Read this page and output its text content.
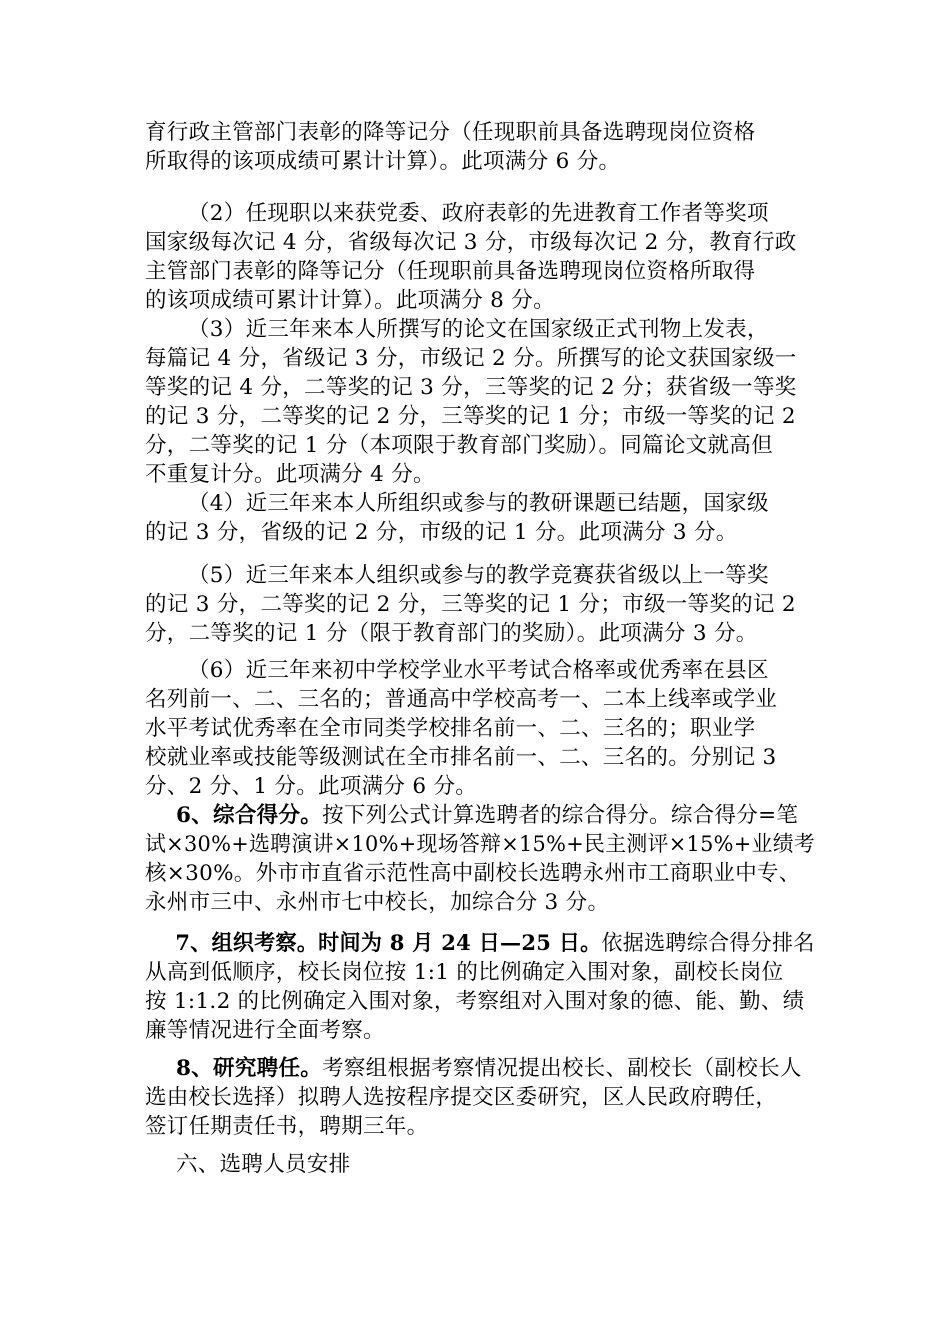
育行政主管部门表彰的降等记分（任现职前具备选聘现岗位资格
所取得的该项成绩可累计计算）。此项满分 6 分。
（2）任现职以来获党委、政府表彰的先进教育工作者等奖项
国家级每次记 4 分，省级每次记 3 分，市级每次记 2 分，教育行政
主管部门表彰的降等记分（任现职前具备选聘现岗位资格所取得
的该项成绩可累计计算）。此项满分 8 分。
（3）近三年来本人所撰写的论文在国家级正式刊物上发表，
每篇记 4 分，省级记 3 分，市级记 2 分。所撰写的论文获国家级一
等奖的记 4 分，二等奖的记 3 分，三等奖的记 2 分；获省级一等奖
的记 3 分，二等奖的记 2 分，三等奖的记 1 分；市级一等奖的记 2
分，二等奖的记 1 分（本项限于教育部门奖励）。同篇论文就高但
不重复计分。此项满分 4 分。
（4）近三年来本人所组织或参与的教研课题已结题，国家级
的记 3 分，省级的记 2 分，市级的记 1 分。此项满分 3 分。
（5）近三年来本人组织或参与的教学竞赛获省级以上一等奖
的记 3 分，二等奖的记 2 分，三等奖的记 1 分；市级一等奖的记 2
分，二等奖的记 1 分（限于教育部门的奖励）。此项满分 3 分。
（6）近三年来初中学校学业水平考试合格率或优秀率在县区
名列前一、二、三名的；普通高中学校高考一、二本上线率或学业
水平考试优秀率在全市同类学校排名前一、二、三名的；职业学
校就业率或技能等级测试在全市排名前一、二、三名的。分别记 3
分、2 分、1 分。此项满分 6 分。
6、综合得分。按下列公式计算选聘者的综合得分。综合得分=笔
试×30%+选聘演讲×10%+现场答辩×15%+民主测评×15%+业绩考
核×30%。外市市直省示范性高中副校长选聘永州市工商职业中专、
永州市三中、永州市七中校长，加综合分 3 分。
7、组织考察。时间为 8 月 24 日—25 日。依据选聘综合得分排名
从高到低顺序，校长岗位按 1:1 的比例确定入围对象，副校长岗位
按 1:1.2 的比例确定入围对象，考察组对入围对象的德、能、勤、绩
廉等情况进行全面考察。
8、研究聘任。考察组根据考察情况提出校长、副校长（副校长人
选由校长选择）拟聘人选按程序提交区委研究，区人民政府聘任，
签订任期责任书，聘期三年。
六、选聘人员安排
